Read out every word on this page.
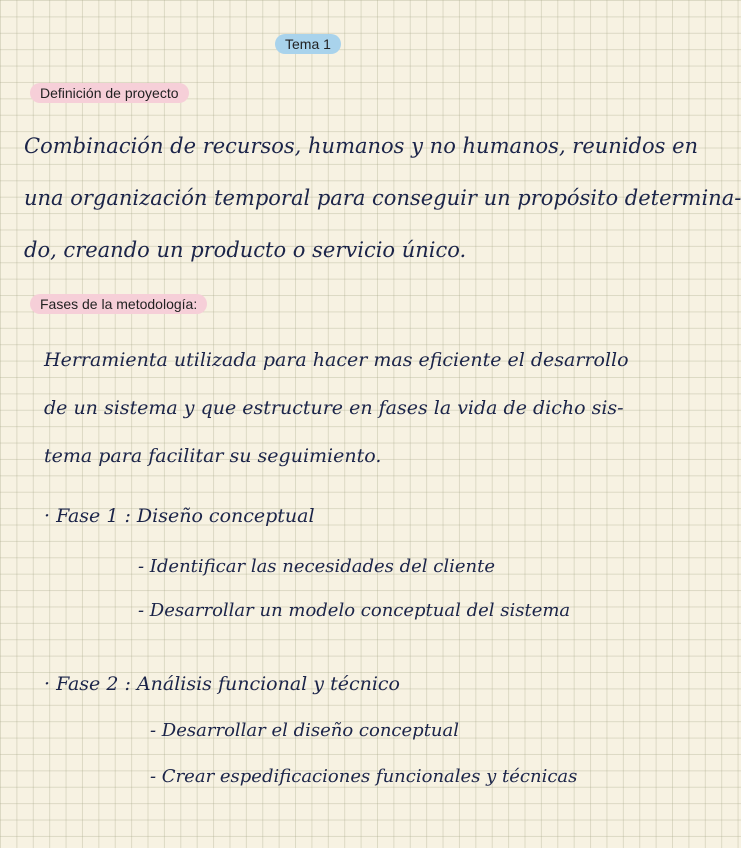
Tema 1
Definición de proyecto
Combinación de recursos, humanos y no humanos, reunidos en
una organización temporal para conseguir un propósito determina-
do, creando un producto o servicio único.
Fases de la metodología:
Herramienta utilizada para hacer mas eficiente el desarrollo
de un sistema y que estructure en fases la vida de dicho sis-
tema para facilitar su seguimiento.
· Fase 1 : Diseño conceptual
- Identificar las necesidades del cliente
- Desarrollar un modelo conceptual del sistema
· Fase 2 : Análisis funcional y técnico
- Desarrollar el diseño conceptual
- Crear espedificaciones funcionales y técnicas
